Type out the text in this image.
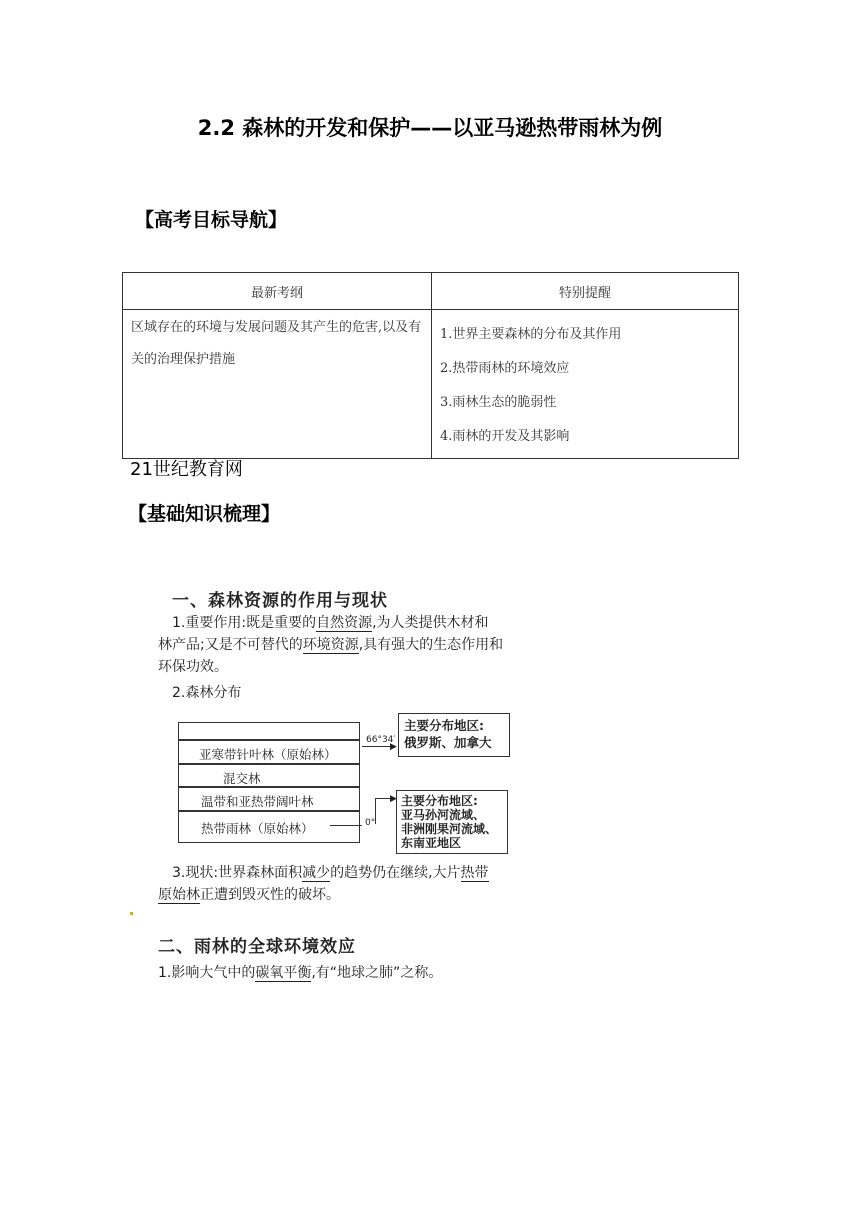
2.2 森林的开发和保护——以亚马逊热带雨林为例
【高考目标导航】
最新考纲	特别提醒
区域存在的环境与发展问题及其产生的危害,以及有关的治理保护措施	1.世界主要森林的分布及其作用
2.热带雨林的环境效应
3.雨林生态的脆弱性
4.雨林的开发及其影响
21世纪教育网
【基础知识梳理】
一、森林资源的作用与现状
1.重要作用:既是重要的自然资源,为人类提供木材和
林产品;又是不可替代的环境资源,具有强大的生态作用和
环保功效。
2.森林分布
亚寒带针叶林（原始林）
混交林
温带和亚热带阔叶林
热带雨林（原始林）
66°34′
▶
0°
▶
主要分布地区:
俄罗斯、加拿大
主要分布地区:
亚马孙河流域、
非洲刚果河流域、
东南亚地区
3.现状:世界森林面积减少的趋势仍在继续,大片热带
原始林正遭到毁灭性的破坏。
二、雨林的全球环境效应
1.影响大气中的碳氧平衡,有“地球之肺”之称。
